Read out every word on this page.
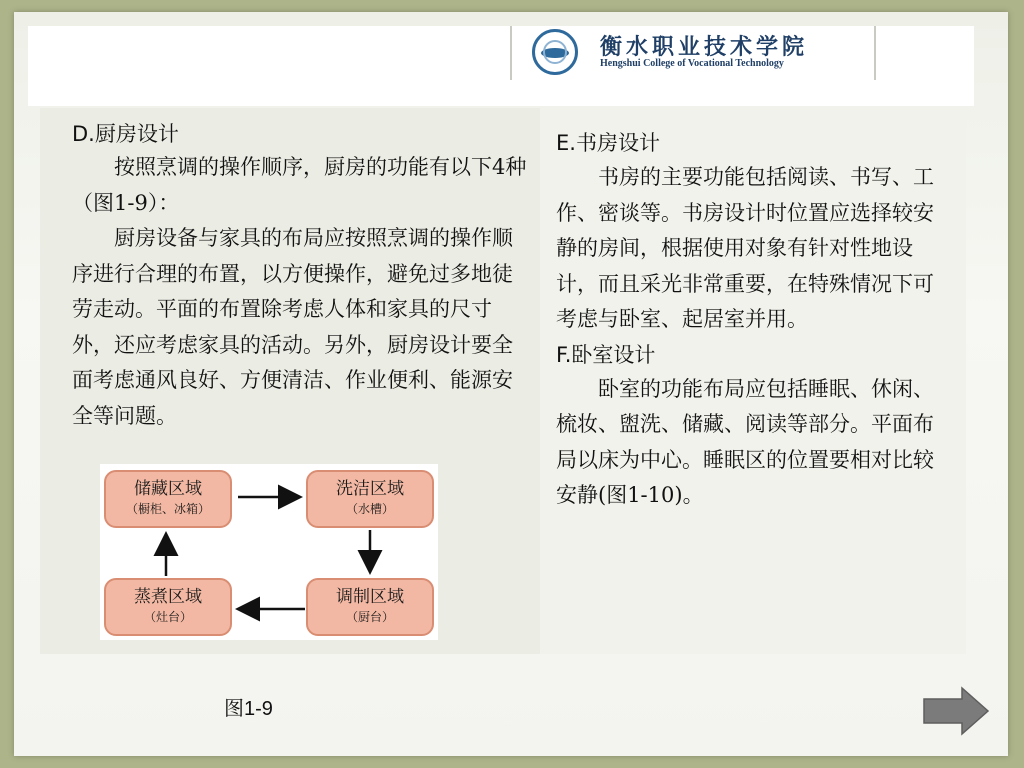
衡水职业技术学院
Hengshui College of Vocational Technology

D.厨房设计

按照烹调的操作顺序，厨房的功能有以下4种（图1-9）：

厨房设备与家具的布局应按照烹调的操作顺序进行合理的布置，以方便操作，避免过多地徒劳走动。平面的布置除考虑人体和家具的尺寸外，还应考虑家具的活动。另外，厨房设计要全面考虑通风良好、方便清洁、作业便利、能源安全等问题。

E.书房设计

书房的主要功能包括阅读、书写、工作、密谈等。书房设计时位置应选择较安静的房间，根据使用对象有针对性地设计，而且采光非常重要，在特殊情况下可考虑与卧室、起居室并用。

F.卧室设计

卧室的功能布局应包括睡眠、休闲、梳妆、盥洗、储藏、阅读等部分。平面布局以床为中心。睡眠区的位置要相对比较安静(图1-10)。

储藏区域
（橱柜、冰箱）
洗洁区域
（水槽）
调制区域
（厨台）
蒸煮区域
（灶台）
图1-9
